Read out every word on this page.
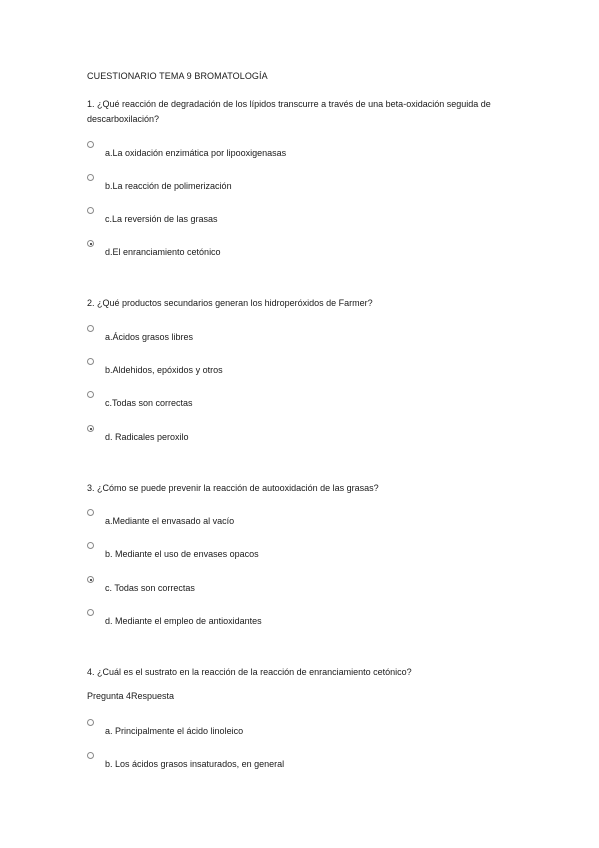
CUESTIONARIO TEMA 9 BROMATOLOGÍA
1. ¿Qué reacción de degradación de los lípidos transcurre a través de una beta-oxidación seguida de descarboxilación?
a.La oxidación enzimática por lipooxigenasas
b.La reacción de polimerización
c.La reversión de las grasas
d.El enranciamiento cetónico
2. ¿Qué productos secundarios generan los hidroperóxidos de Farmer?
a.Ácidos grasos libres
b.Aldehidos, epóxidos y otros
c.Todas son correctas
d. Radicales peroxilo
3. ¿Cómo se puede prevenir la reacción de autooxidación de las grasas?
a.Mediante el envasado al vacío
b. Mediante el uso de envases opacos
c. Todas son correctas
d. Mediante el empleo de antioxidantes
4. ¿Cuál es el sustrato en la reacción de la reacción de enranciamiento cetónico?
Pregunta 4Respuesta
a. Principalmente el ácido linoleico
b. Los ácidos grasos insaturados, en general
